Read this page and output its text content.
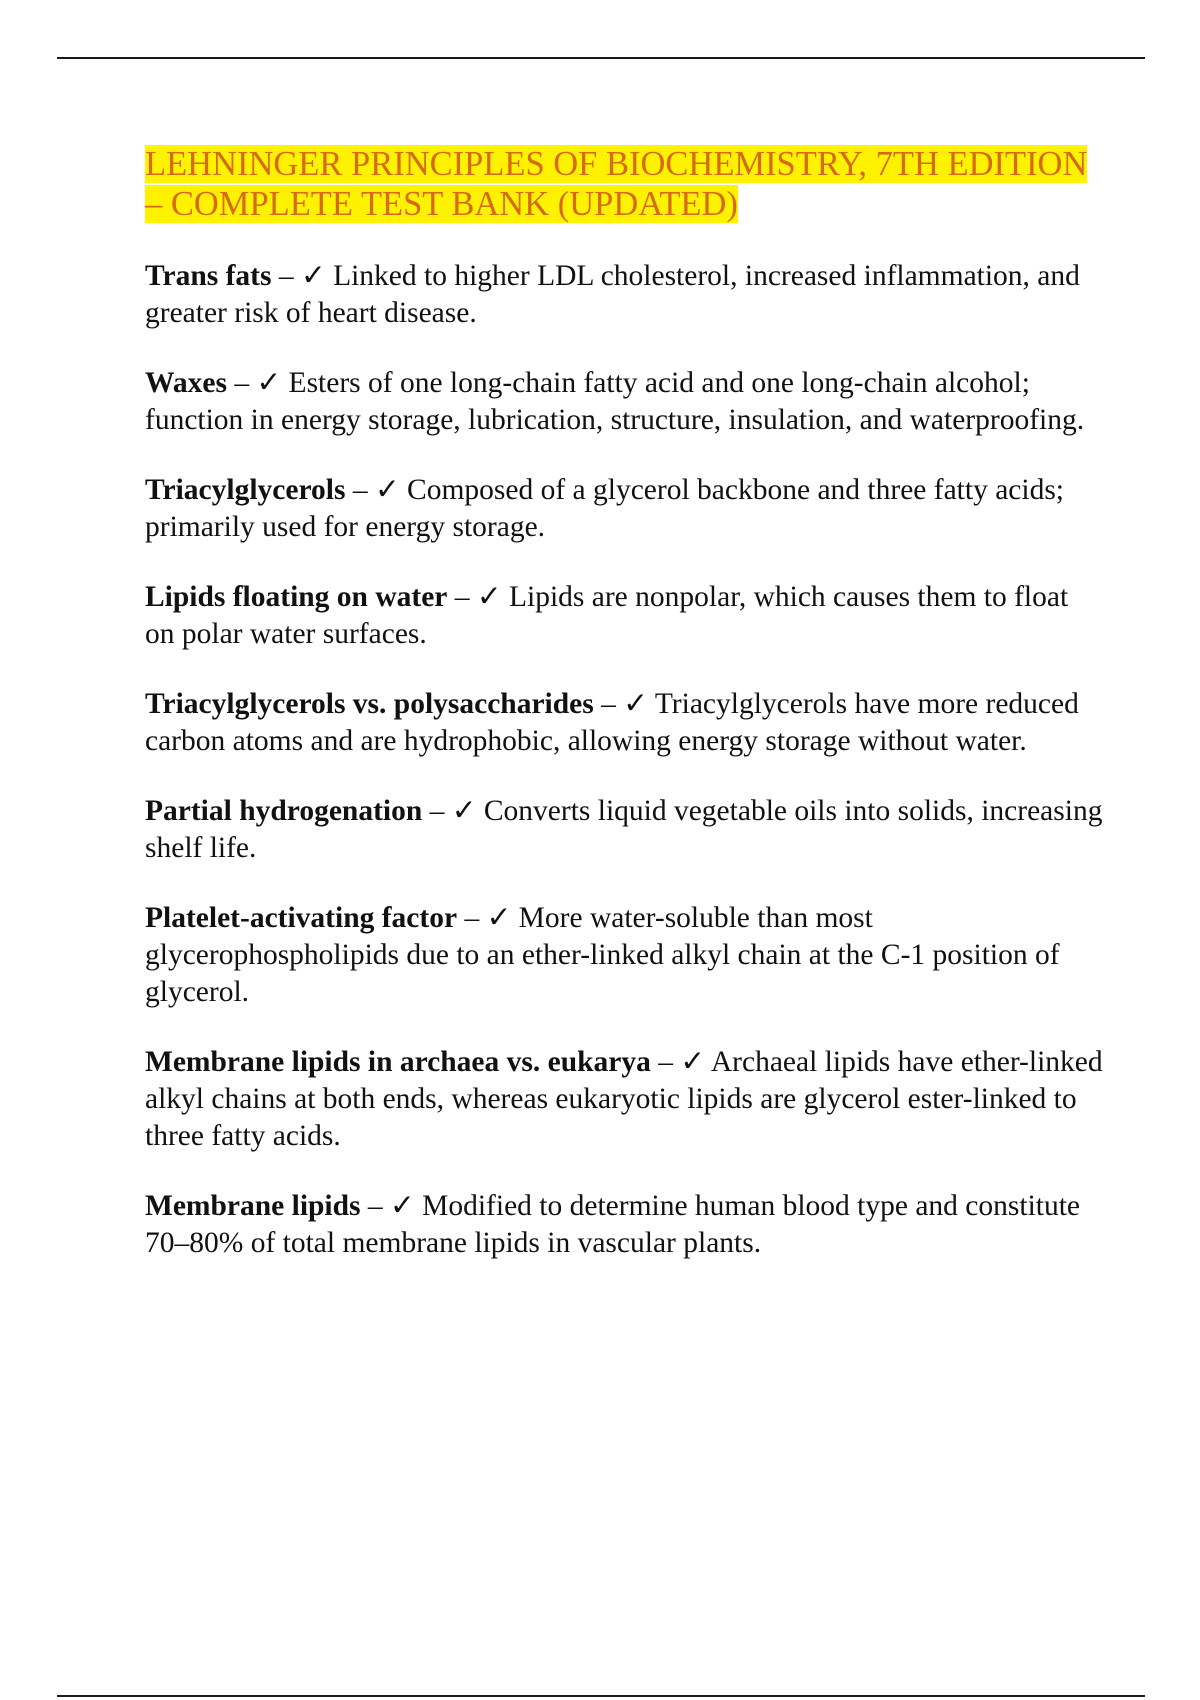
LEHNINGER PRINCIPLES OF BIOCHEMISTRY, 7TH EDITION – COMPLETE TEST BANK (UPDATED)

Trans fats – ✓ Linked to higher LDL cholesterol, increased inflammation, and greater risk of heart disease.

Waxes – ✓ Esters of one long-chain fatty acid and one long-chain alcohol; function in energy storage, lubrication, structure, insulation, and waterproofing.

Triacylglycerols – ✓ Composed of a glycerol backbone and three fatty acids; primarily used for energy storage.

Lipids floating on water – ✓ Lipids are nonpolar, which causes them to float on polar water surfaces.

Triacylglycerols vs. polysaccharides – ✓ Triacylglycerols have more reduced carbon atoms and are hydrophobic, allowing energy storage without water.

Partial hydrogenation – ✓ Converts liquid vegetable oils into solids, increasing shelf life.

Platelet-activating factor – ✓ More water-soluble than most glycerophospholipids due to an ether-linked alkyl chain at the C-1 position of glycerol.

Membrane lipids in archaea vs. eukarya – ✓ Archaeal lipids have ether-linked alkyl chains at both ends, whereas eukaryotic lipids are glycerol ester-linked to three fatty acids.

Membrane lipids – ✓ Modified to determine human blood type and constitute 70–80% of total membrane lipids in vascular plants.
